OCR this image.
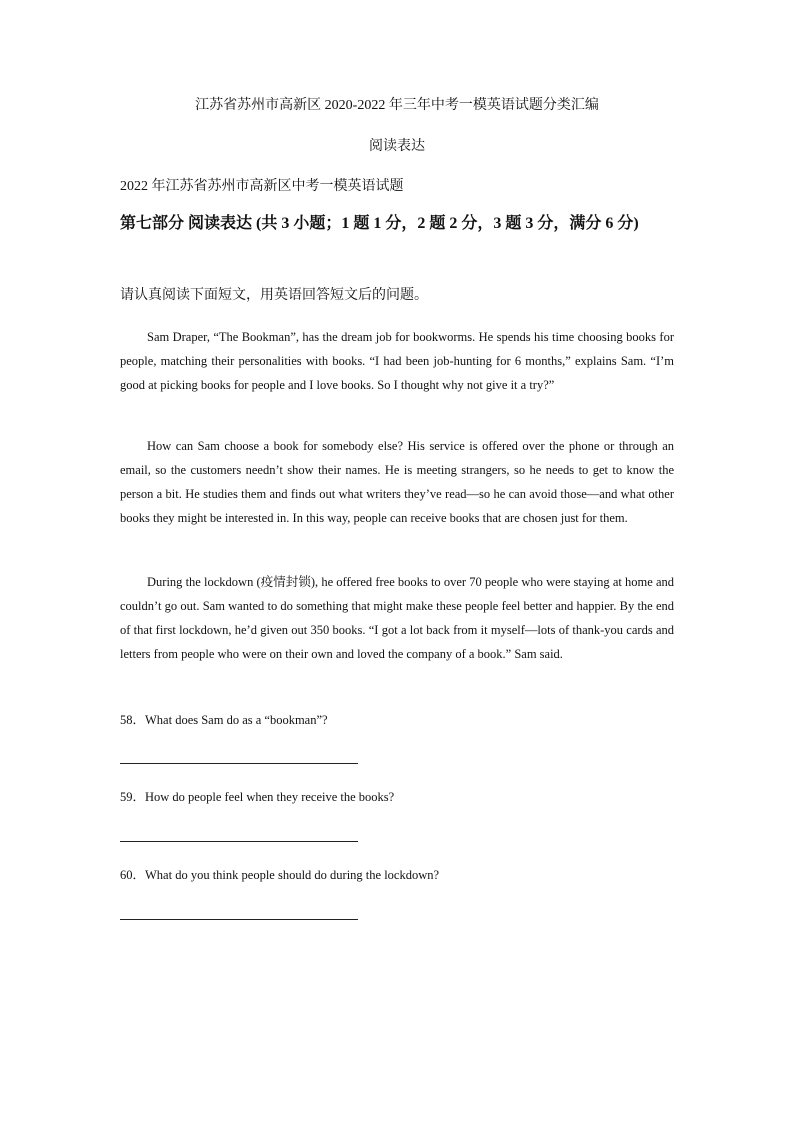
江苏省苏州市高新区 2020-2022 年三年中考一模英语试题分类汇编
阅读表达
2022 年江苏省苏州市高新区中考一模英语试题
第七部分 阅读表达 (共 3 小题；1 题 1 分，2 题 2 分，3 题 3 分，满分 6 分)
请认真阅读下面短文，用英语回答短文后的问题。

Sam Draper, “The Bookman”, has the dream job for bookworms. He spends his time choosing books for people, matching their personalities with books. “I had been job-hunting for 6 months,” explains Sam. “I’m good at picking books for people and I love books. So I thought why not give it a try?”

How can Sam choose a book for somebody else? His service is offered over the phone or through an email, so the customers needn’t show their names. He is meeting strangers, so he needs to get to know the person a bit. He studies them and finds out what writers they’ve read—so he can avoid those—and what other books they might be interested in. In this way, people can receive books that are chosen just for them.

During the lockdown (疫情封锁), he offered free books to over 70 people who were staying at home and couldn’t go out. Sam wanted to do something that might make these people feel better and happier. By the end of that first lockdown, he’d given out 350 books. “I got a lot back from it myself—lots of thank-you cards and letters from people who were on their own and loved the company of a book.” Sam said.

58．What does Sam do as a “bookman”?
59．How do people feel when they receive the books?
60．What do you think people should do during the lockdown?
